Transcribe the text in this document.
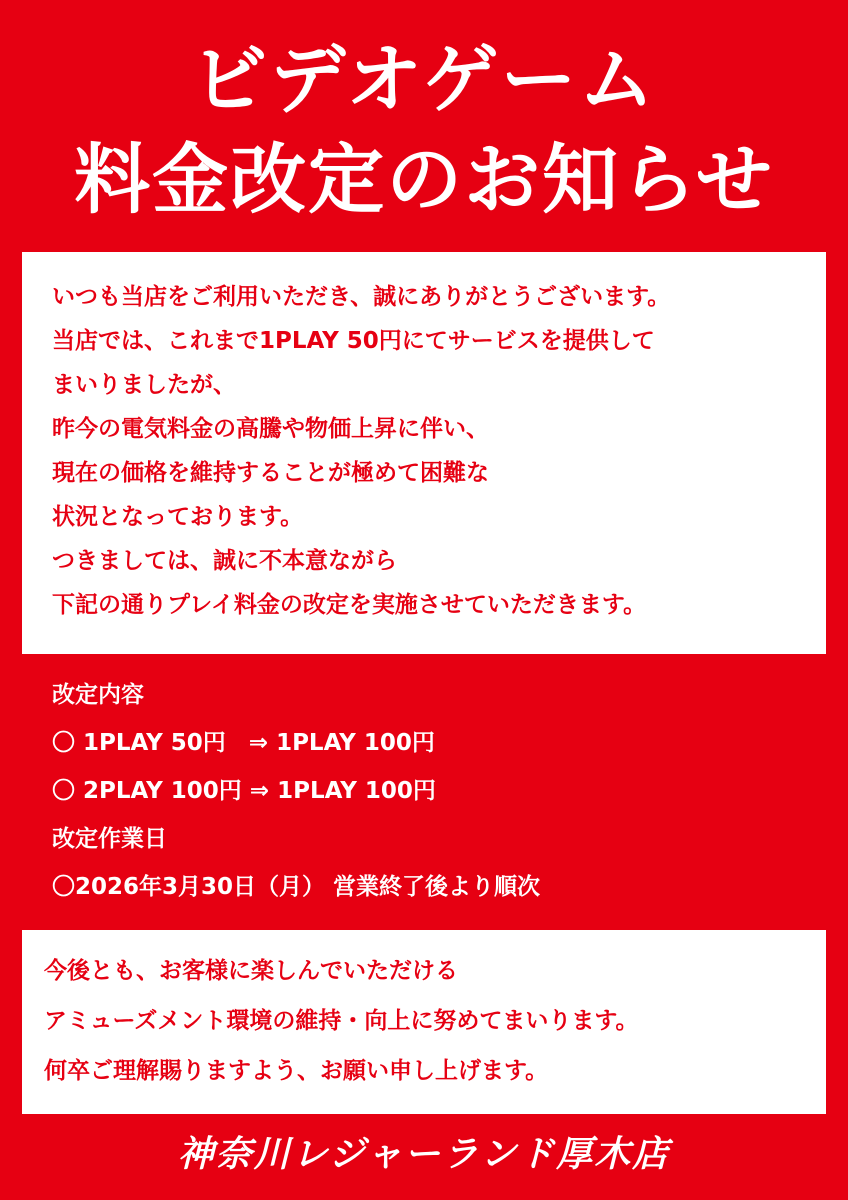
ビデオゲーム
料金改定のお知らせ
いつも当店をご利用いただき、誠にありがとうございます。
当店では、これまで1PLAY 50円にてサービスを提供して
まいりましたが、
昨今の電気料金の高騰や物価上昇に伴い、
現在の価格を維持することが極めて困難な
状況となっております。
つきましては、誠に不本意ながら
下記の通りプレイ料金の改定を実施させていただきます。
改定内容
〇 1PLAY 50円　⇒ 1PLAY 100円
〇 2PLAY 100円 ⇒ 1PLAY 100円
改定作業日
〇2026年3月30日（月） 営業終了後より順次
今後とも、お客様に楽しんでいただける
アミューズメント環境の維持・向上に努めてまいります。
何卒ご理解賜りますよう、お願い申し上げます。
神奈川レジャーランド厚木店
